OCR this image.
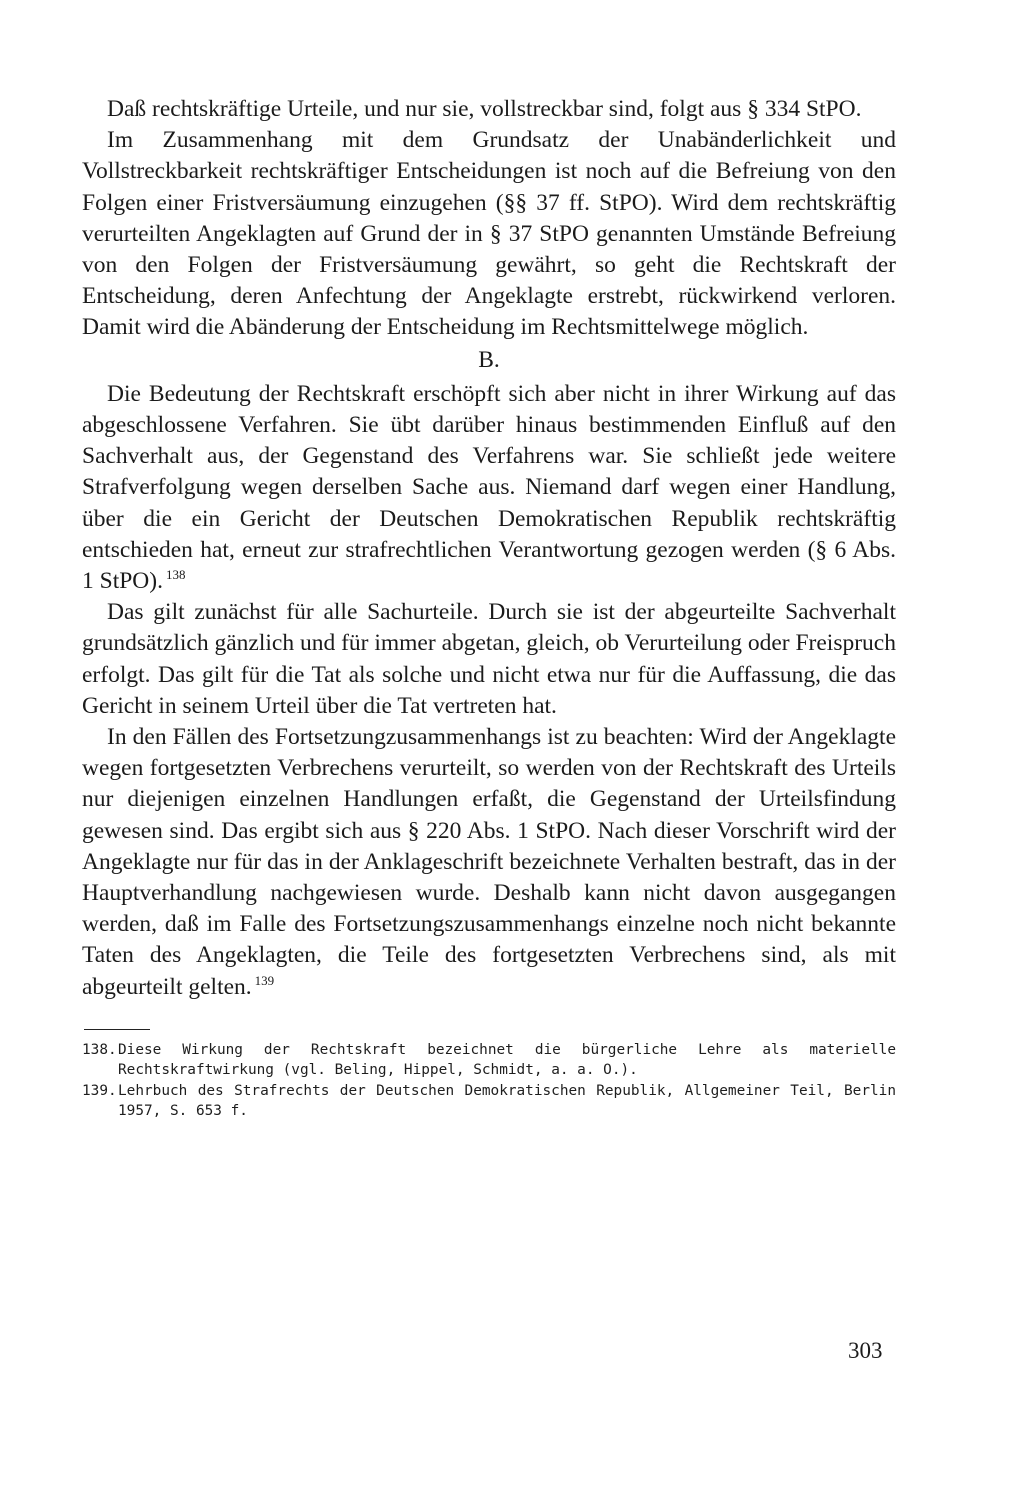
Daß rechtskräftige Urteile, und nur sie, vollstreckbar sind, folgt aus § 334 StPO.

Im Zusammenhang mit dem Grundsatz der Unabänderlichkeit und Vollstreckbarkeit rechtskräftiger Entscheidungen ist noch auf die Befreiung von den Folgen einer Fristversäumung einzugehen (§§ 37 ff. StPO). Wird dem rechtskräftig verurteilten Angeklagten auf Grund der in § 37 StPO genannten Umstände Befreiung von den Folgen der Fristversäumung gewährt, so geht die Rechtskraft der Entscheidung, deren Anfechtung der Angeklagte erstrebt, rückwirkend verloren. Damit wird die Abänderung der Entscheidung im Rechtsmittelwege möglich.

B.

Die Bedeutung der Rechtskraft erschöpft sich aber nicht in ihrer Wirkung auf das abgeschlossene Verfahren. Sie übt darüber hinaus bestimmenden Einfluß auf den Sachverhalt aus, der Gegenstand des Verfahrens war. Sie schließt jede weitere Strafverfolgung wegen derselben Sache aus. Niemand darf wegen einer Handlung, über die ein Gericht der Deutschen Demokratischen Republik rechtskräftig entschieden hat, erneut zur strafrechtlichen Verantwortung gezogen werden (§ 6 Abs. 1 StPO). $^{138}$

Das gilt zunächst für alle Sachurteile. Durch sie ist der abgeurteilte Sachverhalt grundsätzlich gänzlich und für immer abgetan, gleich, ob Verurteilung oder Freispruch erfolgt. Das gilt für die Tat als solche und nicht etwa nur für die Auffassung, die das Gericht in seinem Urteil über die Tat vertreten hat.

In den Fällen des Fortsetzungzusammenhangs ist zu beachten: Wird der Angeklagte wegen fortgesetzten Verbrechens verurteilt, so werden von der Rechtskraft des Urteils nur diejenigen einzelnen Handlungen erfaßt, die Gegenstand der Urteilsfindung gewesen sind. Das ergibt sich aus § 220 Abs. 1 StPO. Nach dieser Vorschrift wird der Angeklagte nur für das in der Anklageschrift bezeichnete Verhalten bestraft, das in der Hauptverhandlung nachgewiesen wurde. Deshalb kann nicht davon ausgegangen werden, daß im Falle des Fortsetzungszusammenhangs einzelne noch nicht bekannte Taten des Angeklagten, die Teile des fortgesetzten Verbrechens sind, als mit abgeurteilt gelten. $^{139}$

138. Diese Wirkung der Rechtskraft bezeichnet die bürgerliche Lehre als materielle Rechtskraftwirkung (vgl. Beling, Hippel, Schmidt, a. a. O.).
139. Lehrbuch des Strafrechts der Deutschen Demokratischen Republik, Allgemeiner Teil, Berlin 1957, S. 653 f.
303
